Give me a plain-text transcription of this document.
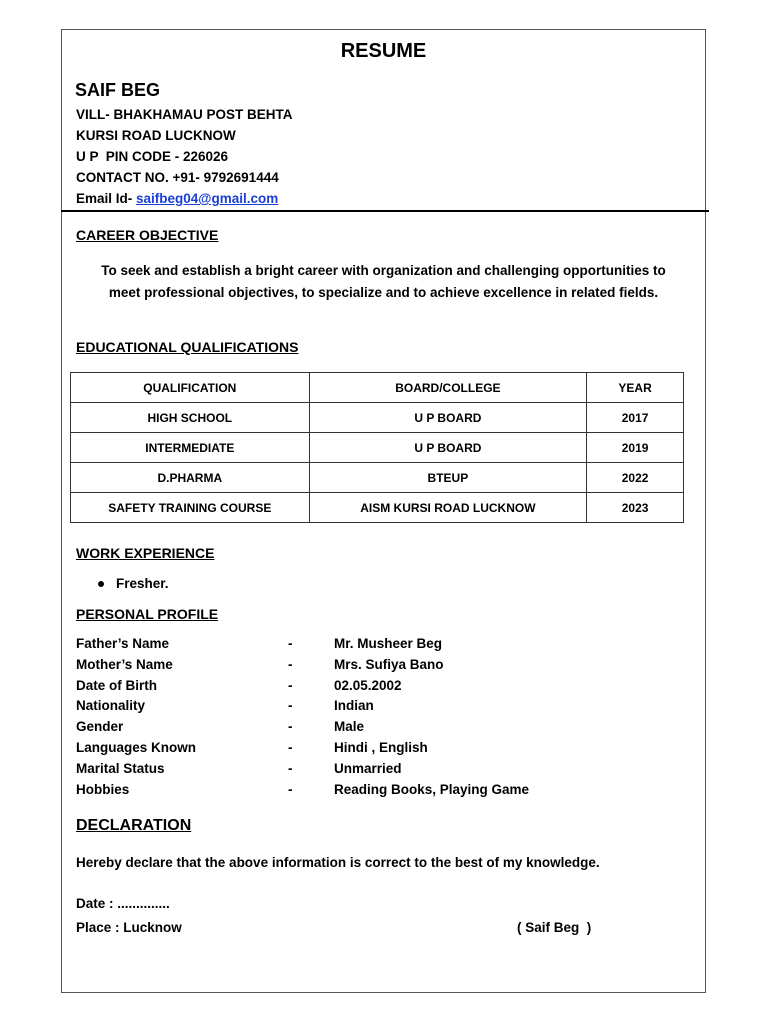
RESUME
SAIF BEG
VILL- BHAKHAMAU POST BEHTA
KURSI ROAD LUCKNOW
U P  PIN CODE - 226026
CONTACT NO. +91- 9792691444
Email Id- saifbeg04@gmail.com
CAREER OBJECTIVE
To seek and establish a bright career with organization and challenging opportunities to
meet professional objectives, to specialize and to achieve excellence in related fields.
EDUCATIONAL QUALIFICATIONS
QUALIFICATION	BOARD/COLLEGE	YEAR
HIGH SCHOOL	U P BOARD	2017
INTERMEDIATE	U P BOARD	2019
D.PHARMA	BTEUP	2022
SAFETY TRAINING COURSE	AISM KURSI ROAD LUCKNOW	2023
WORK EXPERIENCE
Fresher.
PERSONAL PROFILE
Father’s Name	-	Mr. Musheer Beg
Mother’s Name	-	Mrs. Sufiya Bano
Date of Birth	-	02.05.2002
Nationality	-	Indian
Gender	-	Male
Languages Known	-	Hindi , English
Marital Status	-	Unmarried
Hobbies	-	Reading Books, Playing Game
DECLARATION
Hereby declare that the above information is correct to the best of my knowledge.
Date : ..............
Place : Lucknow	( Saif Beg  )
